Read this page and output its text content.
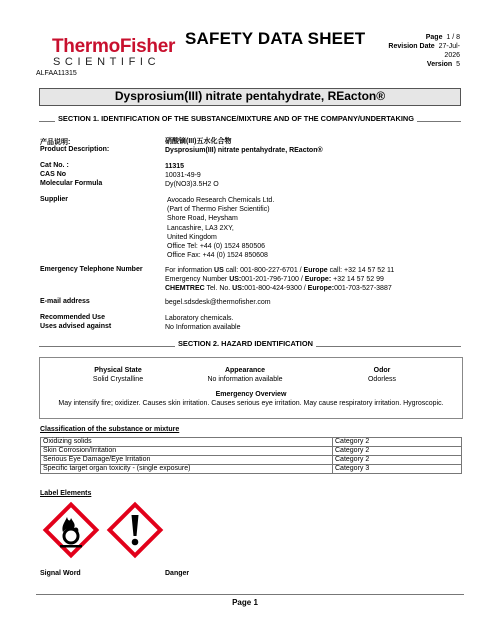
ThermoFisher
SCIENTIFIC
SAFETY DATA SHEET	Page 1 / 8
Revision Date 27-Jul-2026
Version 5
ALFAA11315
Dysprosium(III) nitrate pentahydrate, REacton®
SECTION 1. IDENTIFICATION OF THE SUBSTANCE/MIXTURE AND OF THE COMPANY/UNDERTAKING
产品说明:	硝酸镝(III)五水化合物
Product Description:	Dysprosium(III) nitrate pentahydrate, REacton®
Cat No. :	11315
CAS No	10031-49-9
Molecular Formula	Dy(NO3)3.5H2 O
Supplier	Avocado Research Chemicals Ltd.
(Part of Thermo Fisher Scientific)
Shore Road, Heysham
Lancashire, LA3 2XY,
United Kingdom
Office Tel: +44 (0) 1524 850506
Office Fax: +44 (0) 1524 850608
Emergency Telephone Number	For information US call: 001-800-227-6701 / Europe call: +32 14 57 52 11
Emergency Number US:001-201-796-7100 / Europe: +32 14 57 52 99
CHEMTREC Tel. No. US:001-800-424-9300 / Europe:001-703-527-3887
E-mail address	begel.sdsdesk@thermofisher.com
Recommended Use	Laboratory chemicals.
Uses advised against	No Information available
SECTION 2. HAZARD IDENTIFICATION
Physical State
Solid Crystalline
Appearance
No information available
Odor
Odorless
Emergency Overview
May intensify fire; oxidizer. Causes skin irritation. Causes serious eye irritation. May cause respiratory irritation. Hygroscopic.
Classification of the substance or mixture
Oxidizing solids	Category 2
Skin Corrosion/Irritation	Category 2
Serious Eye Damage/Eye Irritation	Category 2
Specific target organ toxicity - (single exposure)	Category 3
Label Elements
Signal Word	Danger
Page 1
